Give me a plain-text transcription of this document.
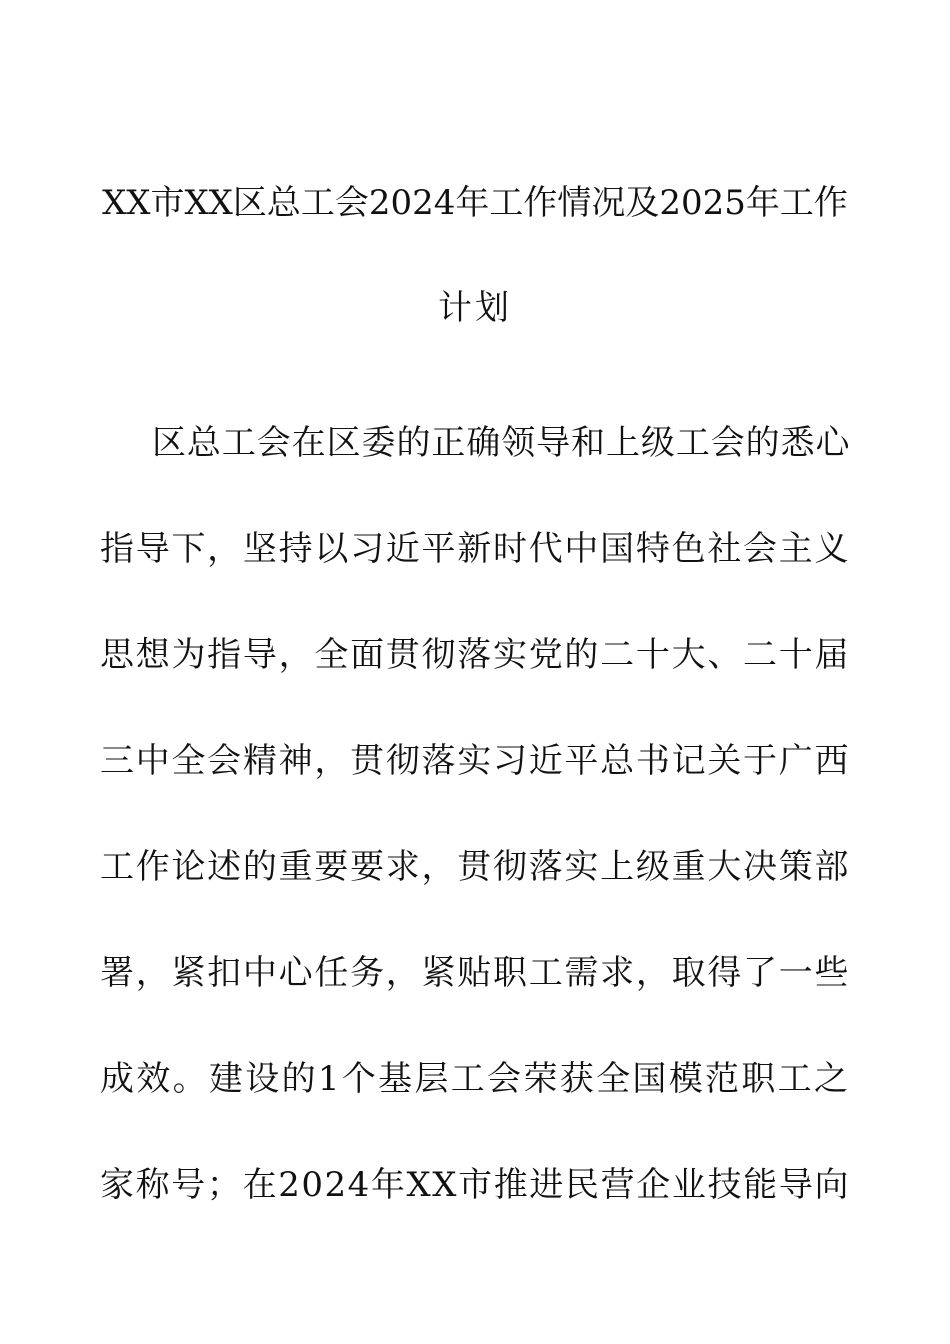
XX市XX区总工会2024年工作情况及2025年工作
计划
区总工会在区委的正确领导和上级工会的悉心
指导下，坚持以习近平新时代中国特色社会主义
思想为指导，全面贯彻落实党的二十大、二十届
三中全会精神，贯彻落实习近平总书记关于广西
工作论述的重要要求，贯彻落实上级重大决策部
署，紧扣中心任务，紧贴职工需求，取得了一些
成效。建设的1个基层工会荣获全国模范职工之
家称号；在2024年XX市推进民营企业技能导向
